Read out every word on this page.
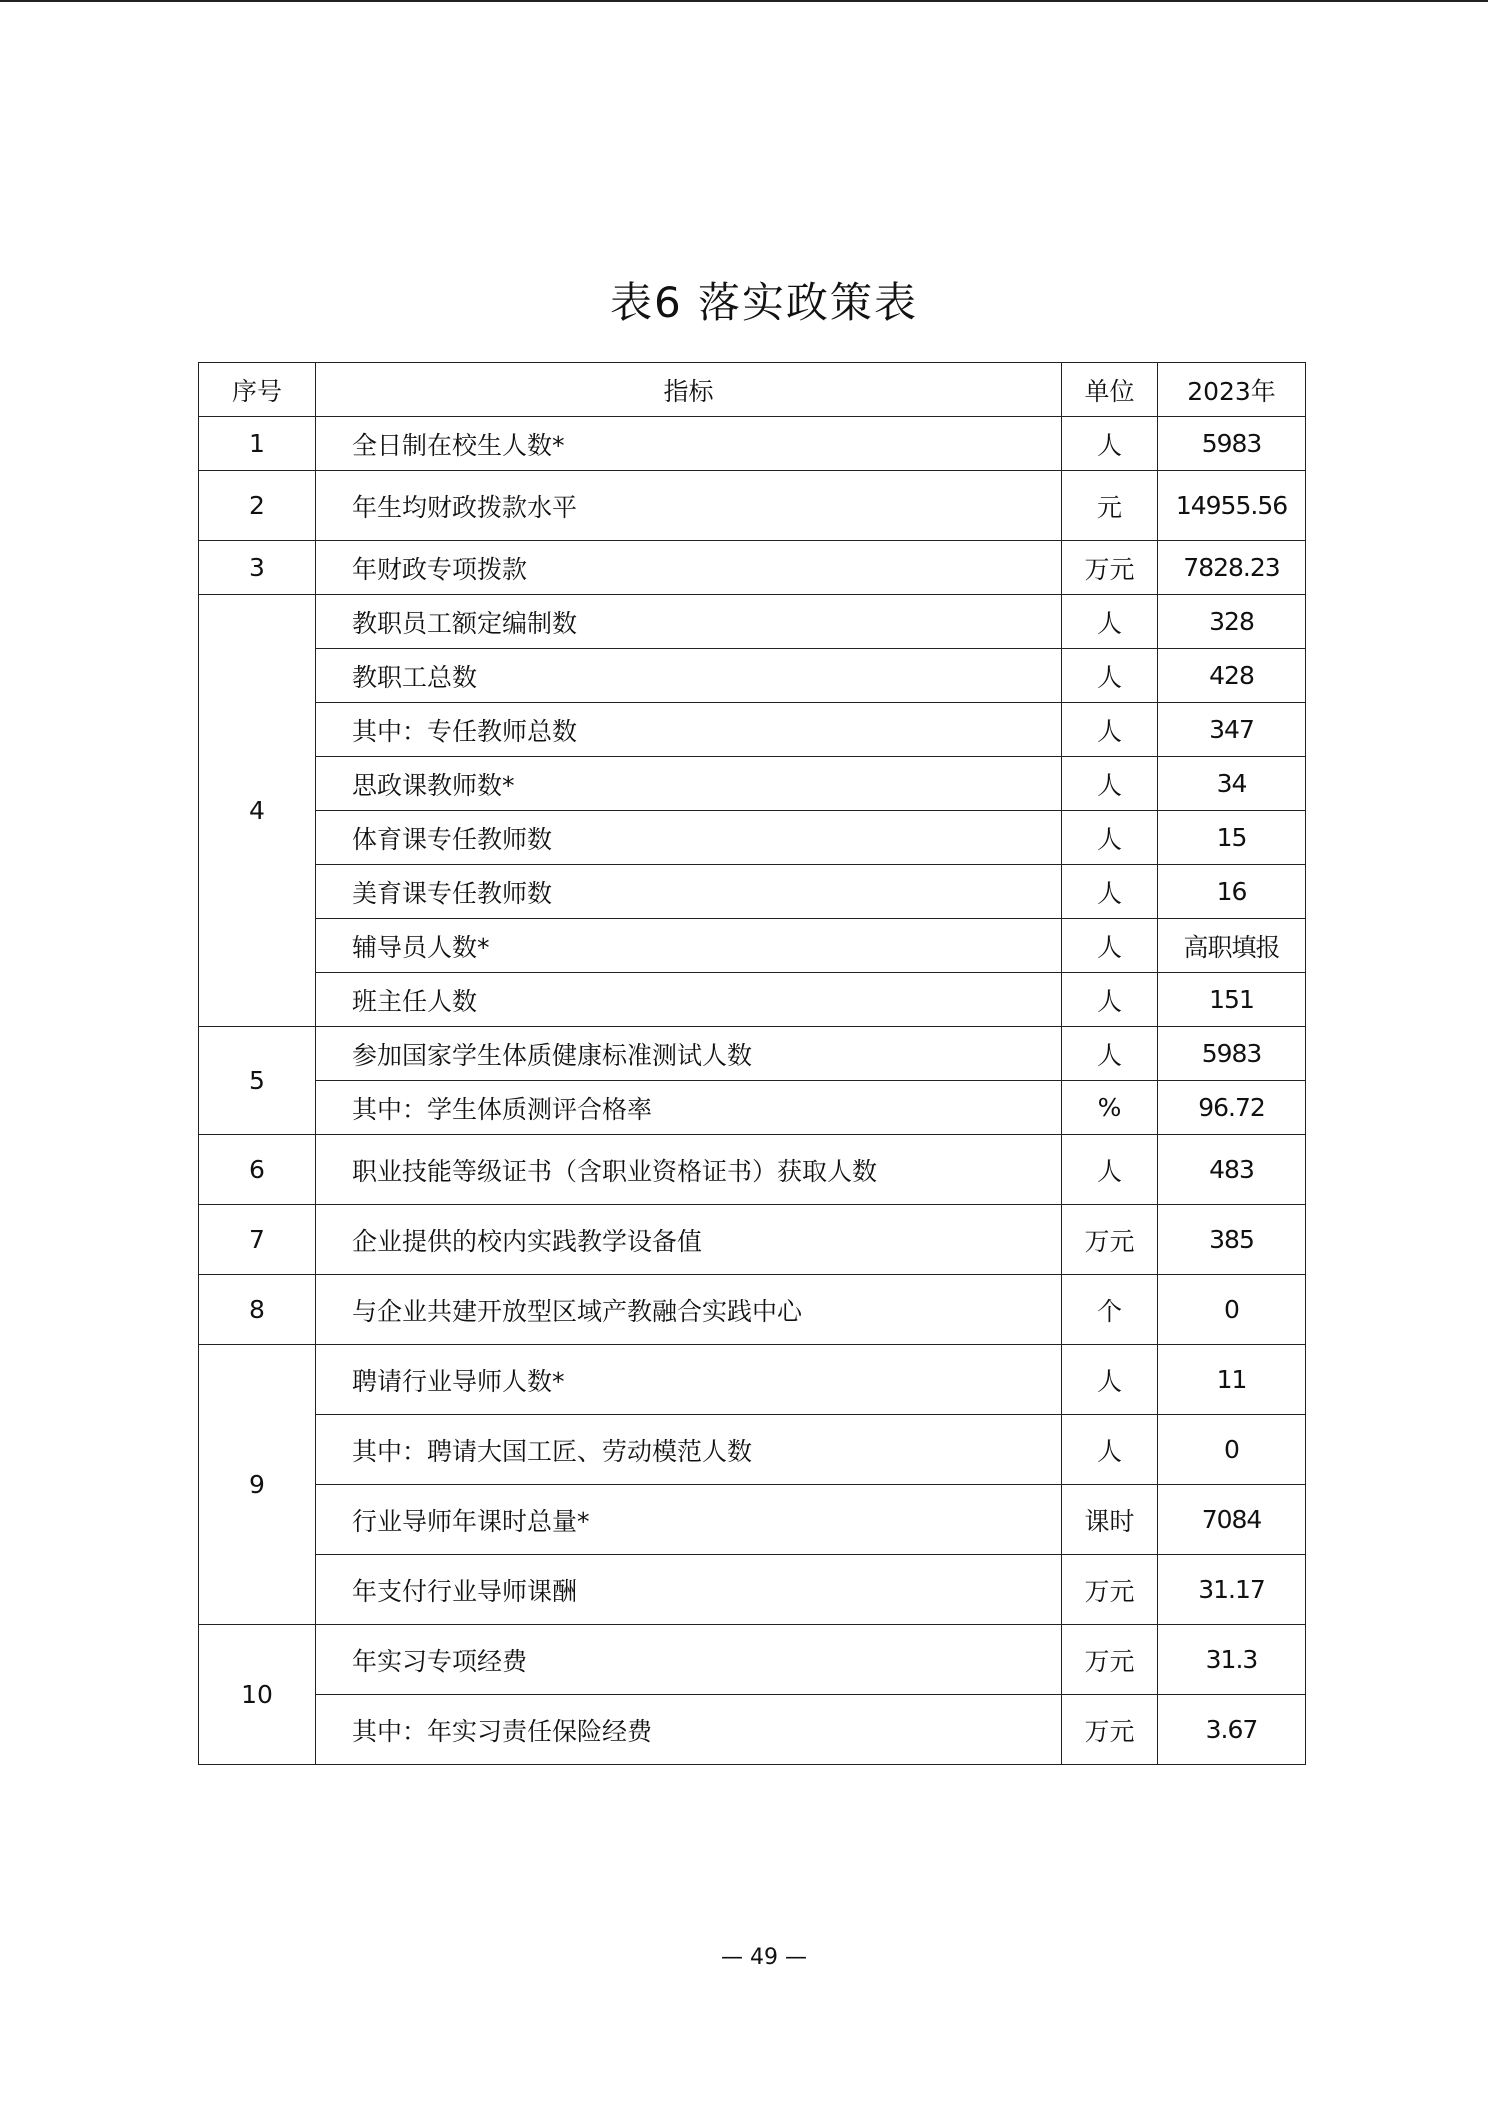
表6 落实政策表
序号	指标	单位	2023年
1	全日制在校生人数*	人	5983
2	年生均财政拨款水平	元	14955.56
3	年财政专项拨款	万元	7828.23
4	教职员工额定编制数	人	328
	教职工总数	人	428
	其中：专任教师总数	人	347
	思政课教师数*	人	34
	体育课专任教师数	人	15
	美育课专任教师数	人	16
	辅导员人数*	人	高职填报
	班主任人数	人	151
5	参加国家学生体质健康标准测试人数	人	5983
	其中：学生体质测评合格率	%	96.72
6	职业技能等级证书（含职业资格证书）获取人数	人	483
7	企业提供的校内实践教学设备值	万元	385
8	与企业共建开放型区域产教融合实践中心	个	0
9	聘请行业导师人数*	人	11
	其中：聘请大国工匠、劳动模范人数	人	0
	行业导师年课时总量*	课时	7084
	年支付行业导师课酬	万元	31.17
10	年实习专项经费	万元	31.3
	其中：年实习责任保险经费	万元	3.67
— 49 —
